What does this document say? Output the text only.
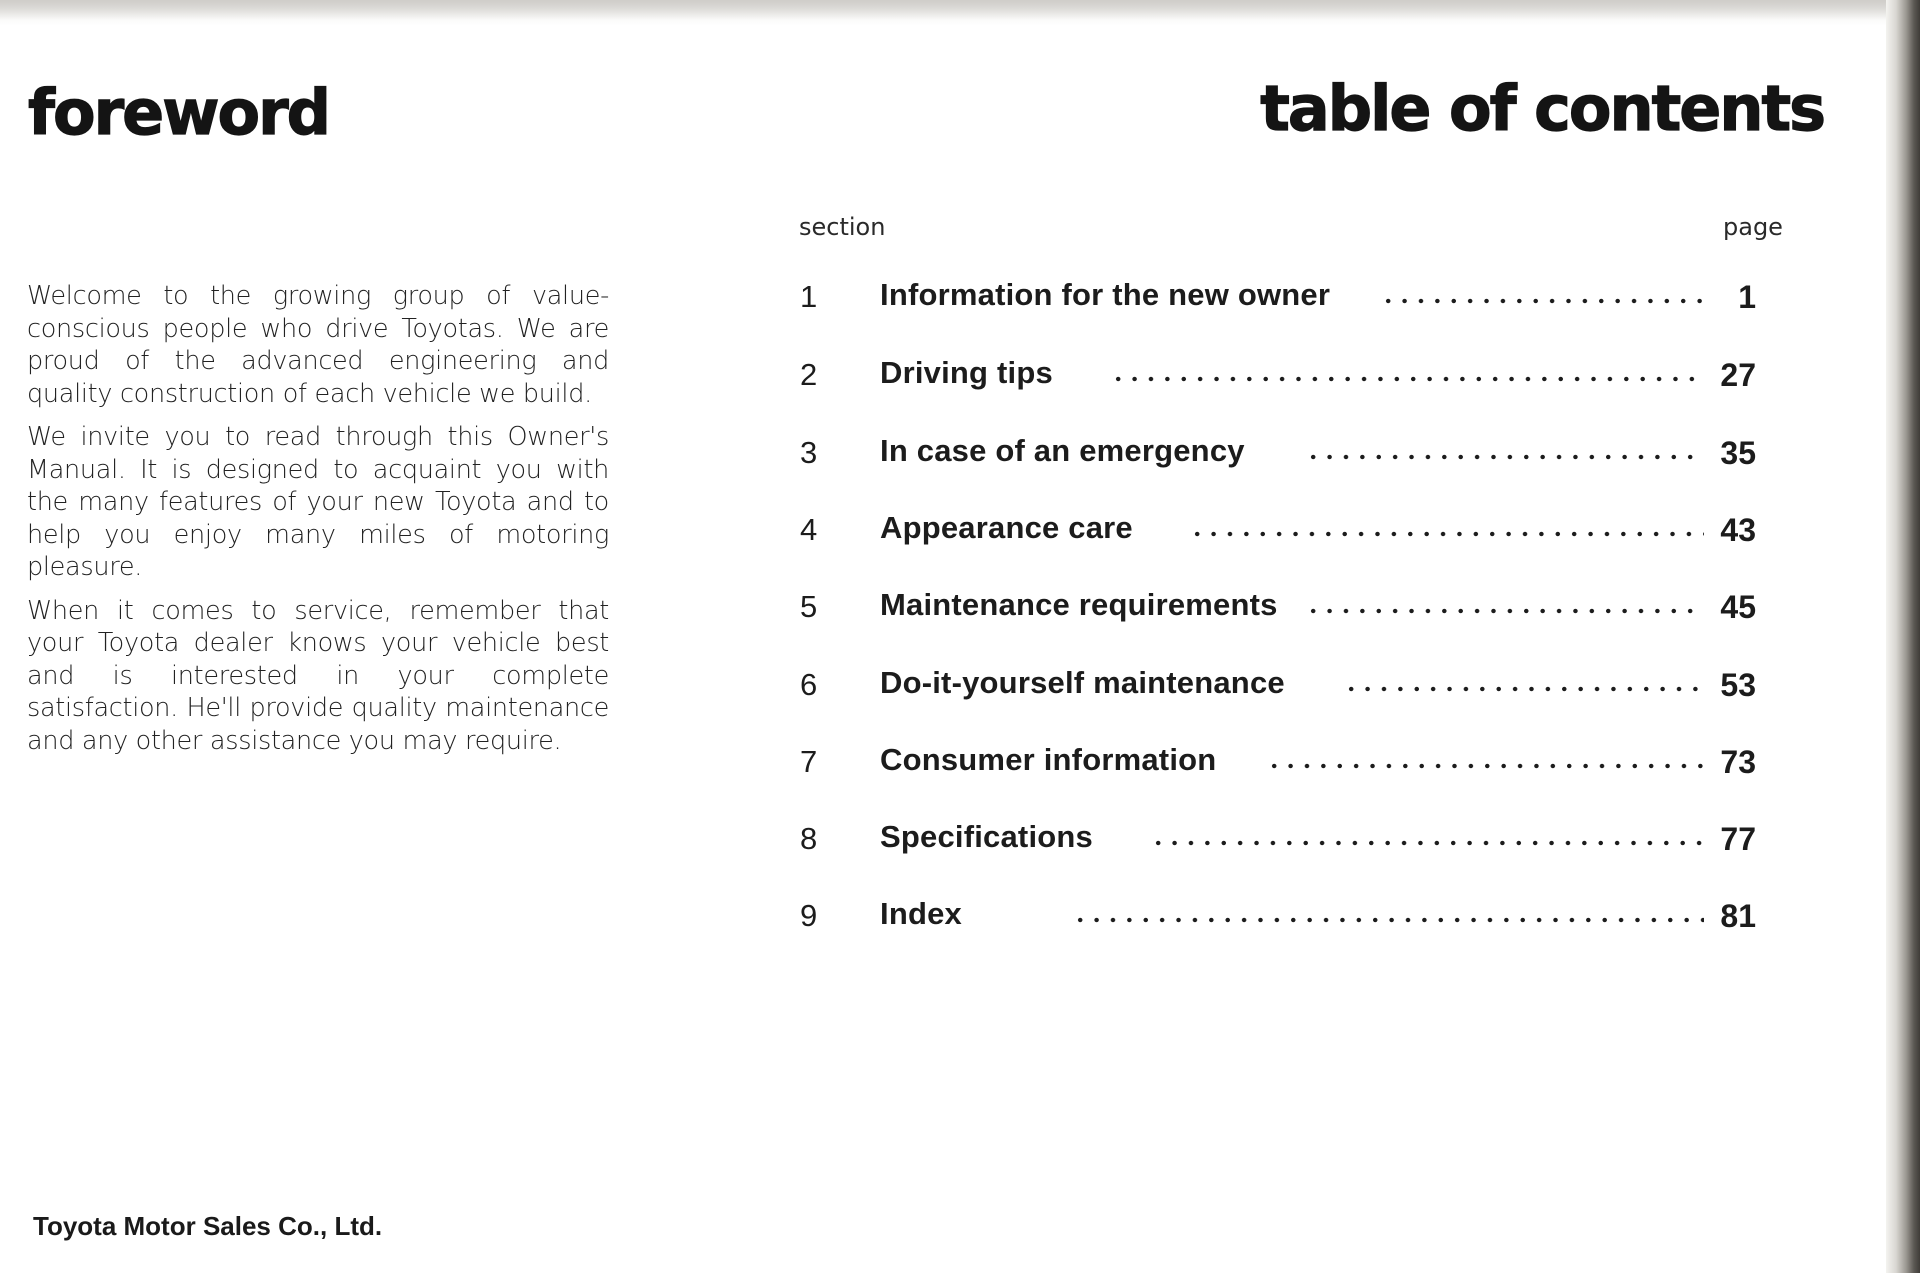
foreword

Welcome to the growing group of value-conscious people who drive Toyotas. We are proud of the advanced engineering and quality construction of each vehicle we build.

We invite you to read through this Owner's Manual. It is designed to acquaint you with the many features of your new Toyota and to help you enjoy many miles of motoring pleasure.

When it comes to service, remember that your Toyota dealer knows your vehicle best and is interested in your complete satisfaction. He'll provide quality maintenance and any other assistance you may require.

Toyota Motor Sales Co., Ltd.
table of contents
section	page
1 Information for the new owner	1
2 Driving tips	27
3 In case of an emergency	35
4 Appearance care	43
5 Maintenance requirements	45
6 Do-it-yourself maintenance	53
7 Consumer information	73
8 Specifications	77
9 Index	81
